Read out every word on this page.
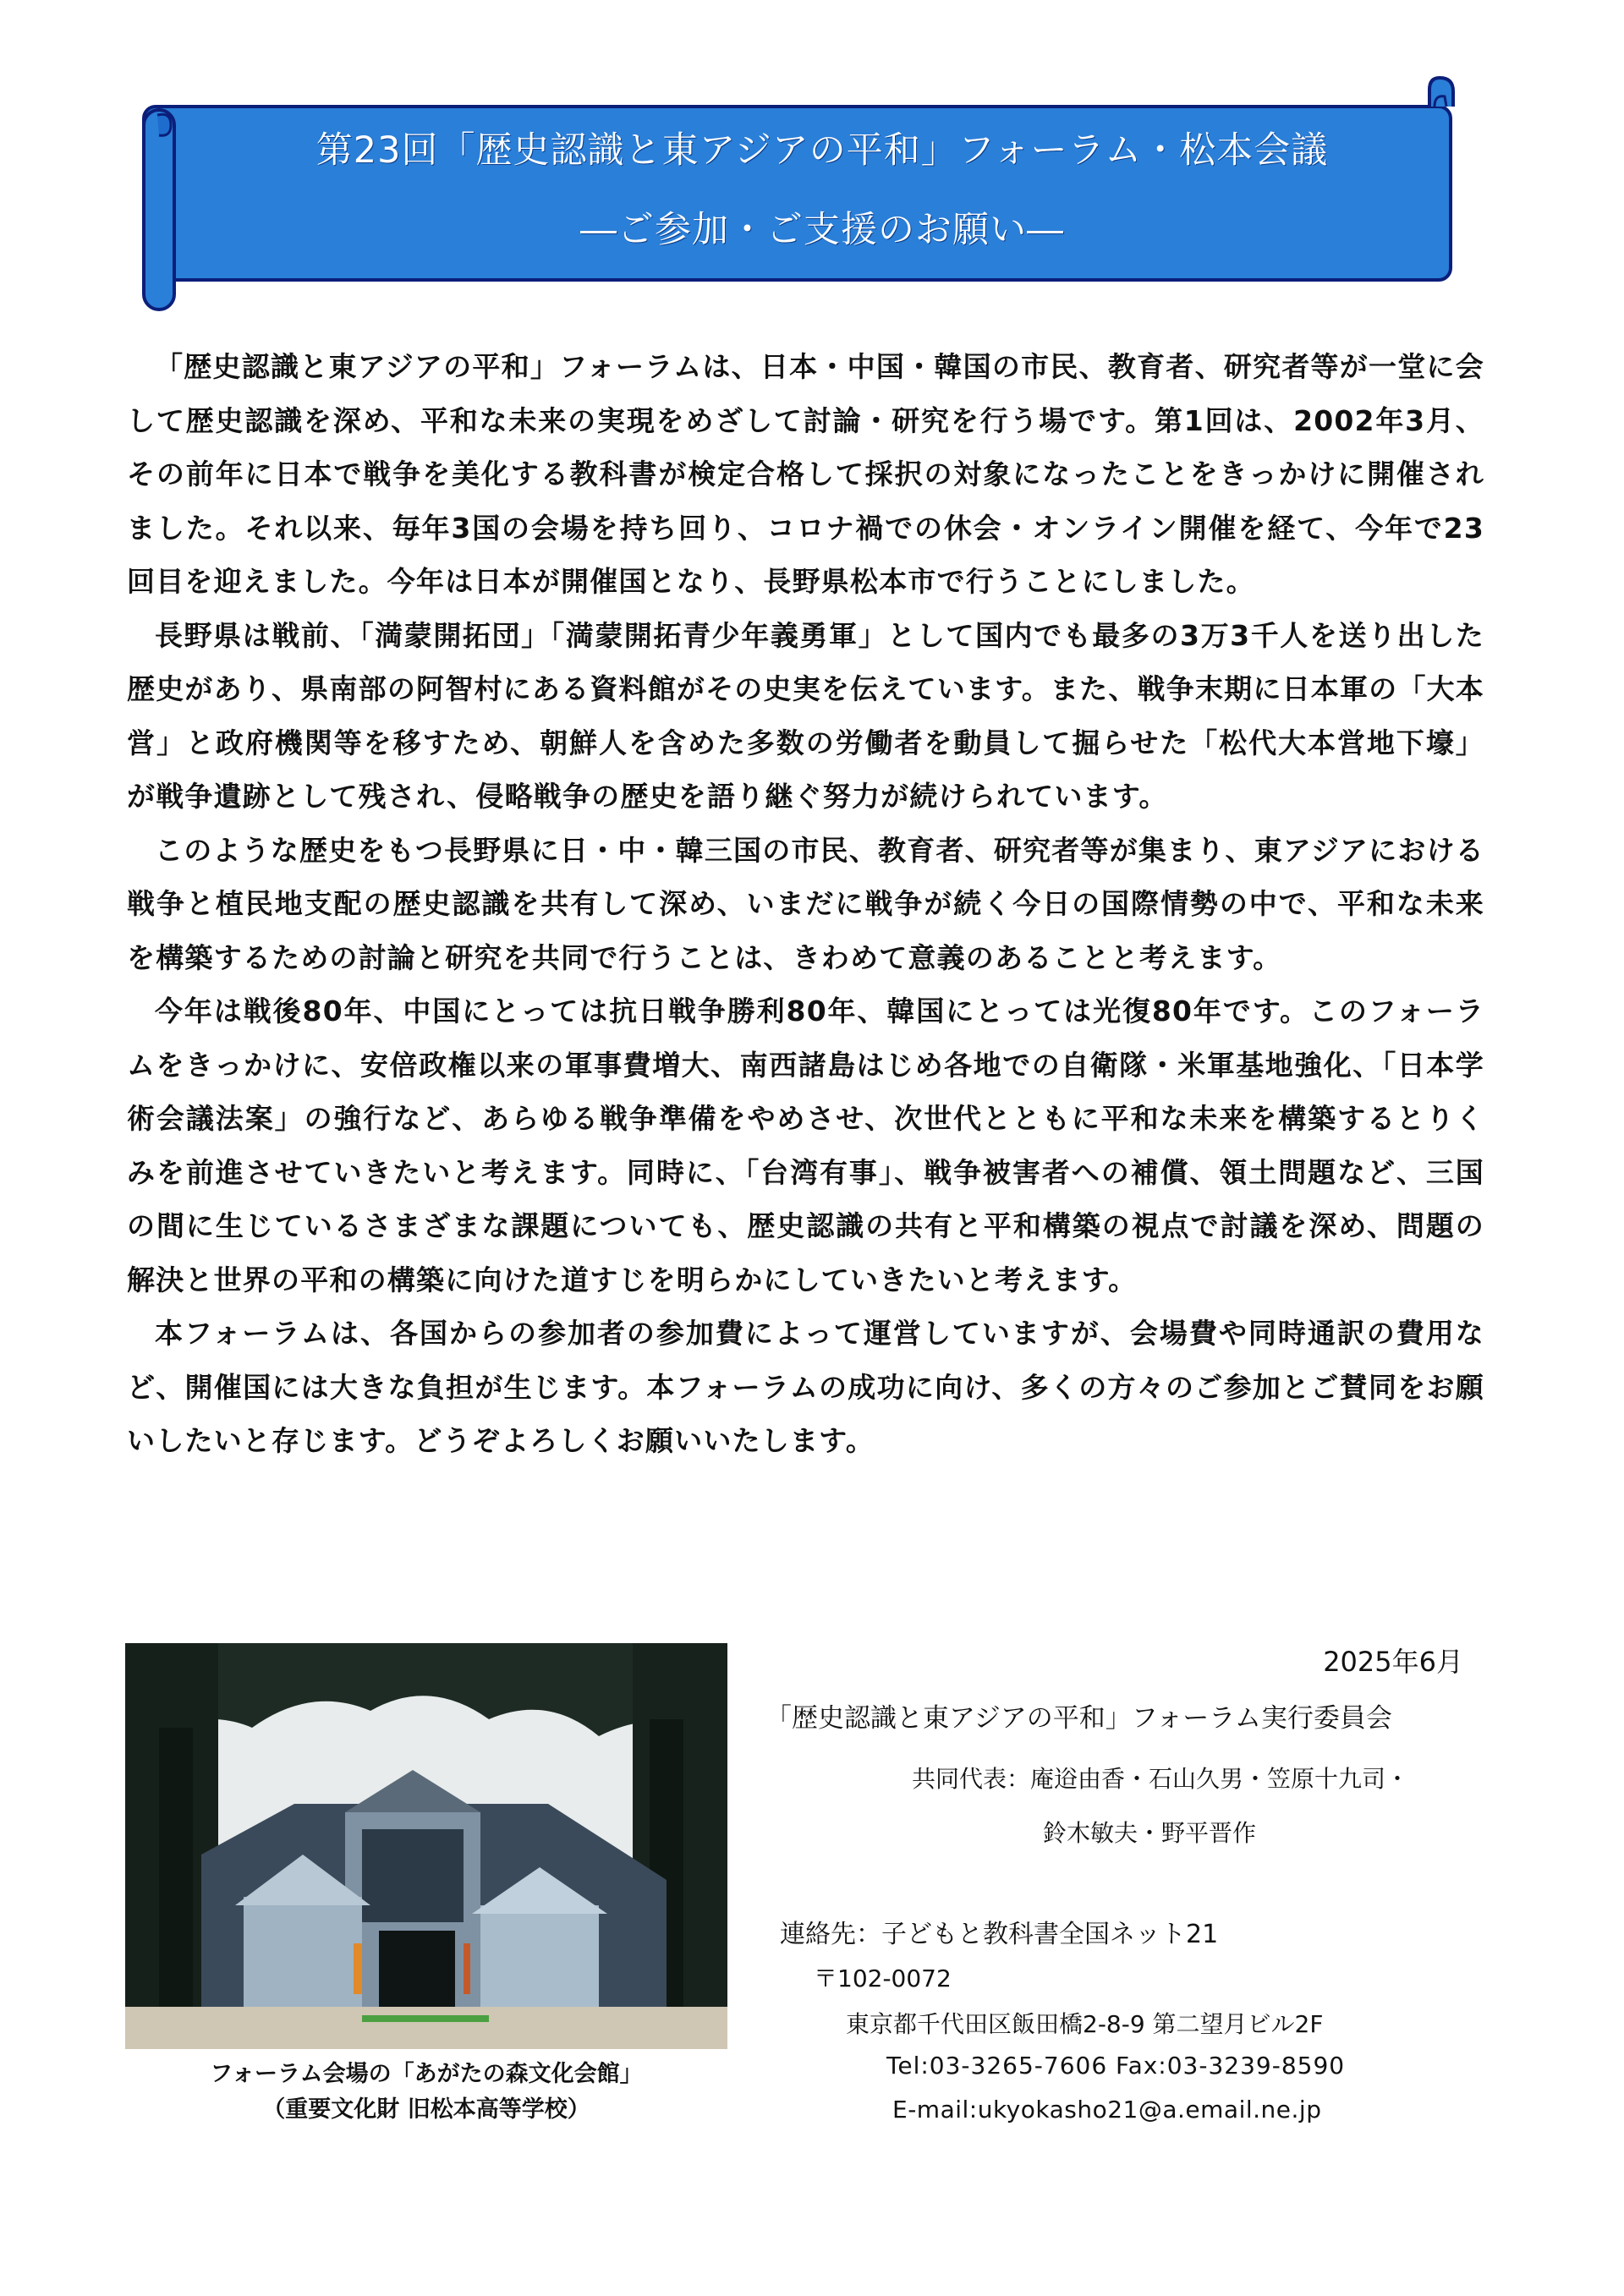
第23回「歴史認識と東アジアの平和」フォーラム・松本会議
―ご参加・ご支援のお願い―

「歴史認識と東アジアの平和」フォーラムは、日本・中国・韓国の市民、教育者、研究者等が一堂に会して歴史認識を深め、平和な未来の実現をめざして討論・研究を行う場です。第1回は、2002年3月、その前年に日本で戦争を美化する教科書が検定合格して採択の対象になったことをきっかけに開催されました。それ以来、毎年3国の会場を持ち回り、コロナ禍での休会・オンライン開催を経て、今年で23回目を迎えました。今年は日本が開催国となり、長野県松本市で行うことにしました。

長野県は戦前、「満蒙開拓団」「満蒙開拓青少年義勇軍」として国内でも最多の3万3千人を送り出した歴史があり、県南部の阿智村にある資料館がその史実を伝えています。また、戦争末期に日本軍の「大本営」と政府機関等を移すため、朝鮮人を含めた多数の労働者を動員して掘らせた「松代大本営地下壕」が戦争遺跡として残され、侵略戦争の歴史を語り継ぐ努力が続けられています。

このような歴史をもつ長野県に日・中・韓三国の市民、教育者、研究者等が集まり、東アジアにおける戦争と植民地支配の歴史認識を共有して深め、いまだに戦争が続く今日の国際情勢の中で、平和な未来を構築するための討論と研究を共同で行うことは、きわめて意義のあることと考えます。

今年は戦後80年、中国にとっては抗日戦争勝利80年、韓国にとっては光復80年です。このフォーラムをきっかけに、安倍政権以来の軍事費増大、南西諸島はじめ各地での自衛隊・米軍基地強化、「日本学術会議法案」の強行など、あらゆる戦争準備をやめさせ、次世代とともに平和な未来を構築するとりくみを前進させていきたいと考えます。同時に、「台湾有事」、戦争被害者への補償、領土問題など、三国の間に生じているさまざまな課題についても、歴史認識の共有と平和構築の視点で討議を深め、問題の解決と世界の平和の構築に向けた道すじを明らかにしていきたいと考えます。

本フォーラムは、各国からの参加者の参加費によって運営していますが、会場費や同時通訳の費用など、開催国には大きな負担が生じます。本フォーラムの成功に向け、多くの方々のご参加とご賛同をお願いしたいと存じます。どうぞよろしくお願いいたします。

フォーラム会場の「あがたの森文化会館」
（重要文化財 旧松本高等学校）
2025年6月
「歴史認識と東アジアの平和」フォーラム実行委員会
共同代表：庵逧由香・石山久男・笠原十九司・
鈴木敏夫・野平晋作
連絡先：子どもと教科書全国ネット21
〒102-0072
東京都千代田区飯田橋2-8-9 第二望月ビル2F
Tel:03-3265-7606 Fax:03-3239-8590
E-mail:ukyokasho21@a.email.ne.jp
